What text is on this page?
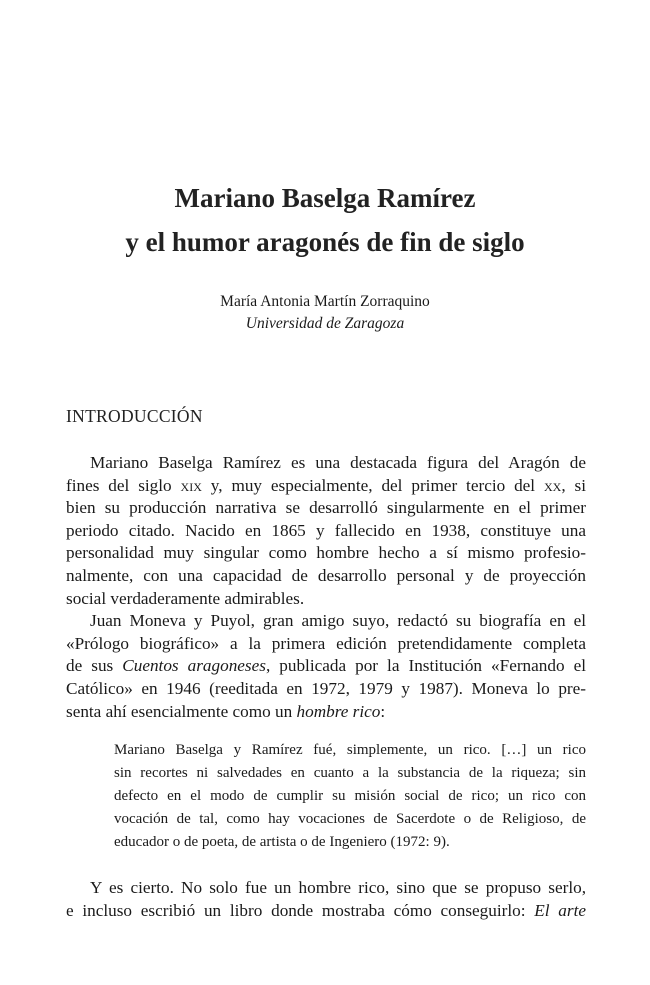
Mariano Baselga Ramírez
y el humor aragonés de fin de siglo
María Antonia Martín Zorraquino
Universidad de Zaragoza
INTRODUCCIÓN
Mariano Baselga Ramírez es una destacada figura del Aragón de
fines del siglo xix y, muy especialmente, del primer tercio del xx, si
bien su producción narrativa se desarrolló singularmente en el primer
periodo citado. Nacido en 1865 y fallecido en 1938, constituye una
personalidad muy singular como hombre hecho a sí mismo profesio-
nalmente, con una capacidad de desarrollo personal y de proyección
social verdaderamente admirables.
Juan Moneva y Puyol, gran amigo suyo, redactó su biografía en el
«Prólogo biográfico» a la primera edición pretendidamente completa
de sus Cuentos aragoneses, publicada por la Institución «Fernando el
Católico» en 1946 (reeditada en 1972, 1979 y 1987). Moneva lo pre-
senta ahí esencialmente como un hombre rico:
Mariano Baselga y Ramírez fué, simplemente, un rico. […] un rico
sin recortes ni salvedades en cuanto a la substancia de la riqueza; sin
defecto en el modo de cumplir su misión social de rico; un rico con
vocación de tal, como hay vocaciones de Sacerdote o de Religioso, de
educador o de poeta, de artista o de Ingeniero (1972: 9).
Y es cierto. No solo fue un hombre rico, sino que se propuso serlo,
e incluso escribió un libro donde mostraba cómo conseguirlo: El arte
